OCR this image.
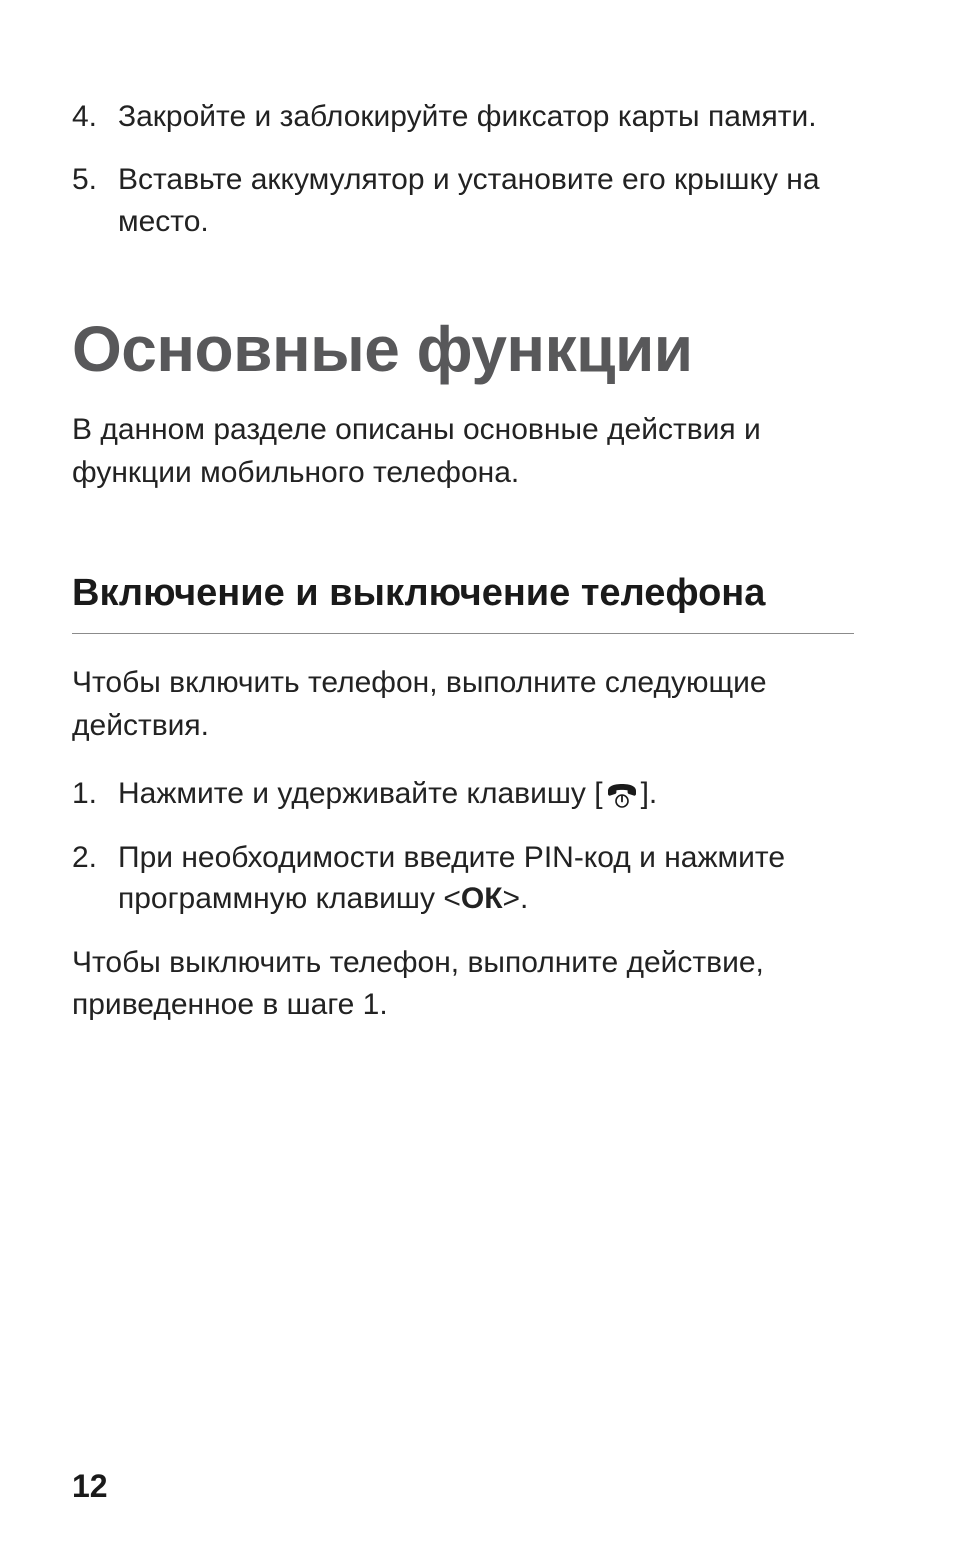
4. Закройте и заблокируйте фиксатор карты памяти.
5. Вставьте аккумулятор и установите его крышку на место.
Основные функции

В данном разделе описаны основные действия и функции мобильного телефона.

Включение и выключение телефона

Чтобы включить телефон, выполните следующие действия.

1. Нажмите и удерживайте клавишу [ ].
2. При необходимости введите PIN-код и нажмите программную клавишу <ОК>.

Чтобы выключить телефон, выполните действие, приведенное в шаге 1.

12
